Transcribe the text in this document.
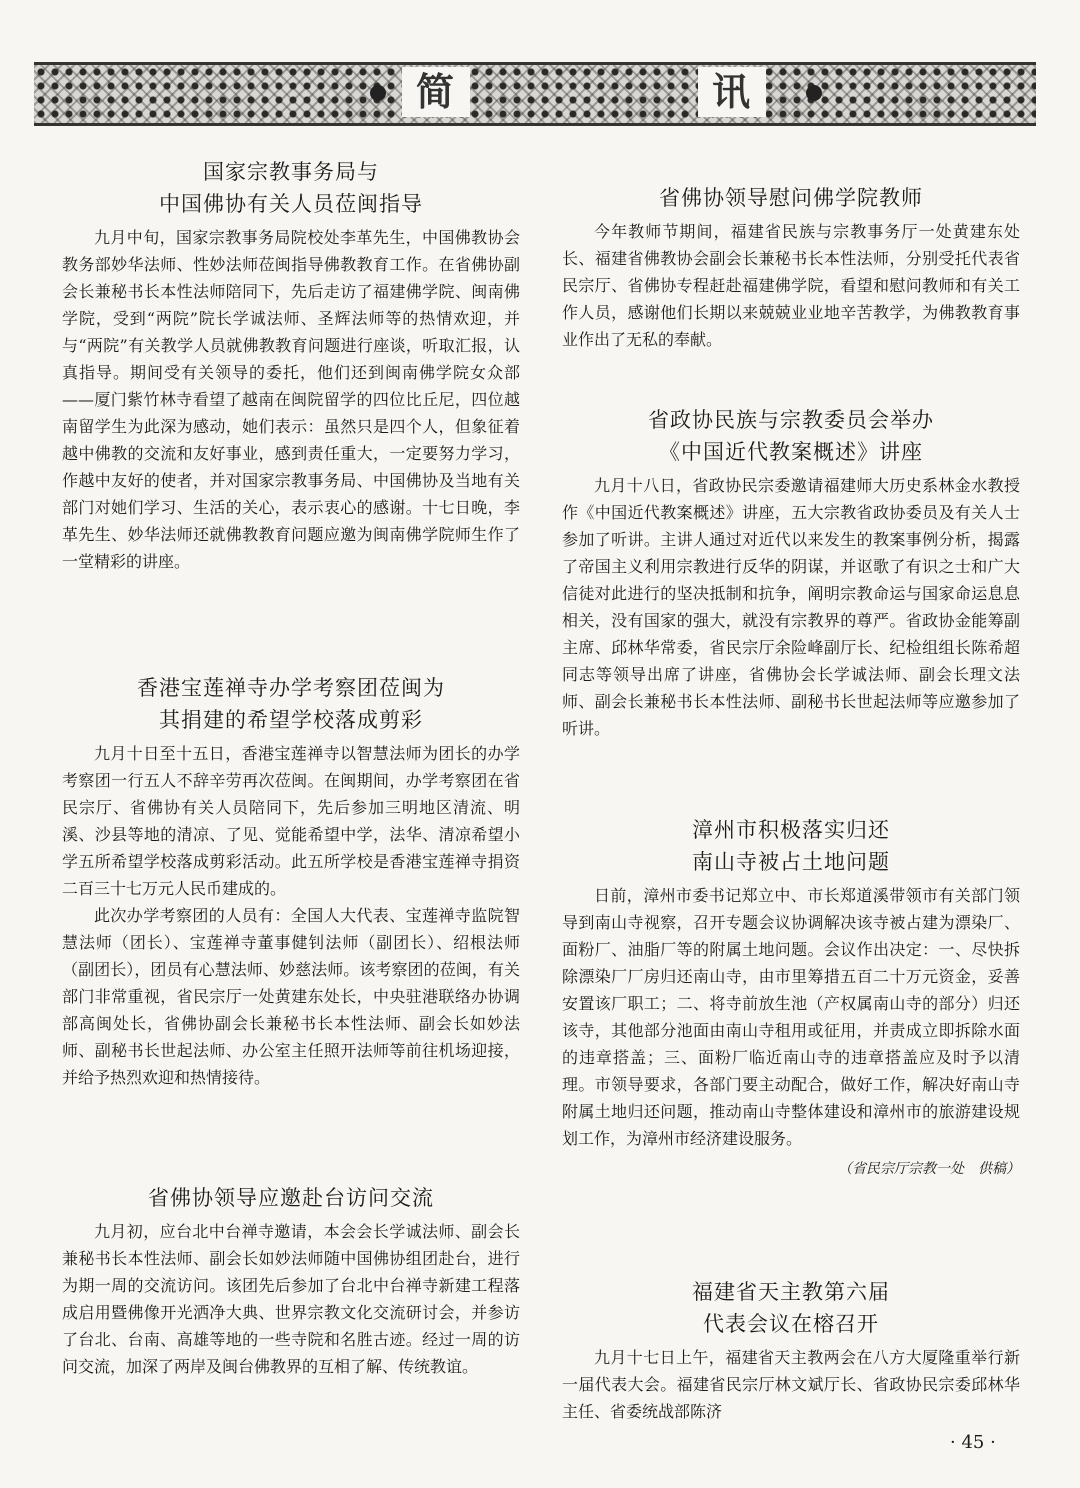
简	讯
国家宗教事务局与
中国佛协有关人员莅闽指导

九月中旬，国家宗教事务局院校处李革先生，中国佛教协会教务部妙华法师、性妙法师莅闽指导佛教教育工作。在省佛协副会长兼秘书长本性法师陪同下，先后走访了福建佛学院、闽南佛学院，受到“两院”院长学诚法师、圣辉法师等的热情欢迎，并与“两院”有关教学人员就佛教教育问题进行座谈，听取汇报，认真指导。期间受有关领导的委托，他们还到闽南佛学院女众部——厦门紫竹林寺看望了越南在闽院留学的四位比丘尼，四位越南留学生为此深为感动，她们表示：虽然只是四个人，但象征着越中佛教的交流和友好事业，感到责任重大，一定要努力学习，作越中友好的使者，并对国家宗教事务局、中国佛协及当地有关部门对她们学习、生活的关心，表示衷心的感谢。十七日晚，李革先生、妙华法师还就佛教教育问题应邀为闽南佛学院师生作了一堂精彩的讲座。

香港宝莲禅寺办学考察团莅闽为
其捐建的希望学校落成剪彩

九月十日至十五日，香港宝莲禅寺以智慧法师为团长的办学考察团一行五人不辞辛劳再次莅闽。在闽期间，办学考察团在省民宗厅、省佛协有关人员陪同下，先后参加三明地区清流、明溪、沙县等地的清凉、了见、觉能希望中学，法华、清凉希望小学五所希望学校落成剪彩活动。此五所学校是香港宝莲禅寺捐资二百三十七万元人民币建成的。

此次办学考察团的人员有：全国人大代表、宝莲禅寺监院智慧法师（团长）、宝莲禅寺董事健钊法师（副团长）、绍根法师（副团长），团员有心慧法师、妙慈法师。该考察团的莅闽，有关部门非常重视，省民宗厅一处黄建东处长，中央驻港联络办协调部高闽处长，省佛协副会长兼秘书长本性法师、副会长如妙法师、副秘书长世起法师、办公室主任照开法师等前往机场迎接，并给予热烈欢迎和热情接待。

省佛协领导应邀赴台访问交流

九月初，应台北中台禅寺邀请，本会会长学诚法师、副会长兼秘书长本性法师、副会长如妙法师随中国佛协组团赴台，进行为期一周的交流访问。该团先后参加了台北中台禅寺新建工程落成启用暨佛像开光洒净大典、世界宗教文化交流研讨会，并参访了台北、台南、高雄等地的一些寺院和名胜古迹。经过一周的访问交流，加深了两岸及闽台佛教界的互相了解、传统教谊。

省佛协领导慰问佛学院教师

今年教师节期间，福建省民族与宗教事务厅一处黄建东处长、福建省佛教协会副会长兼秘书长本性法师，分别受托代表省民宗厅、省佛协专程赶赴福建佛学院，看望和慰问教师和有关工作人员，感谢他们长期以来兢兢业业地辛苦教学，为佛教教育事业作出了无私的奉献。

省政协民族与宗教委员会举办
《中国近代教案概述》讲座

九月十八日，省政协民宗委邀请福建师大历史系林金水教授作《中国近代教案概述》讲座，五大宗教省政协委员及有关人士参加了听讲。主讲人通过对近代以来发生的教案事例分析，揭露了帝国主义利用宗教进行反华的阴谋，并讴歌了有识之士和广大信徒对此进行的坚决抵制和抗争，阐明宗教命运与国家命运息息相关，没有国家的强大，就没有宗教界的尊严。省政协金能筹副主席、邱林华常委，省民宗厅余险峰副厅长、纪检组组长陈希超同志等领导出席了讲座，省佛协会长学诚法师、副会长理文法师、副会长兼秘书长本性法师、副秘书长世起法师等应邀参加了听讲。

漳州市积极落实归还
南山寺被占土地问题

日前，漳州市委书记郑立中、市长郑道溪带领市有关部门领导到南山寺视察，召开专题会议协调解决该寺被占建为漂染厂、面粉厂、油脂厂等的附属土地问题。会议作出决定：一、尽快拆除漂染厂厂房归还南山寺，由市里筹措五百二十万元资金，妥善安置该厂职工；二、将寺前放生池（产权属南山寺的部分）归还该寺，其他部分池面由南山寺租用或征用，并责成立即拆除水面的违章搭盖；三、面粉厂临近南山寺的违章搭盖应及时予以清理。市领导要求，各部门要主动配合，做好工作，解决好南山寺附属土地归还问题，推动南山寺整体建设和漳州市的旅游建设规划工作，为漳州市经济建设服务。

（省民宗厅宗教一处　供稿）

福建省天主教第六届
代表会议在榕召开

九月十七日上午，福建省天主教两会在八方大厦隆重举行新一届代表大会。福建省民宗厅林文斌厅长、省政协民宗委邱林华主任、省委统战部陈济

· 45 ·
